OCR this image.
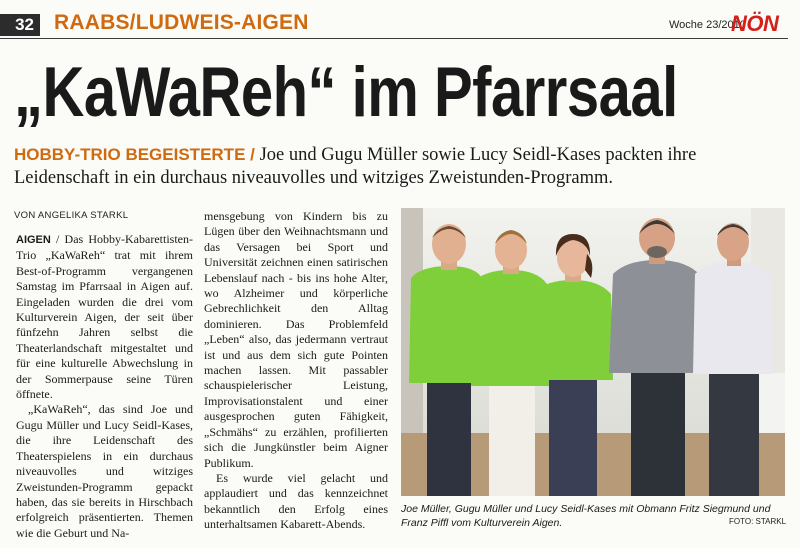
32 RAABS/LUDWEIS-AIGEN	Woche 23/2010
NÖN
„KaWaReh“ im Pfarrsaal
HOBBY-TRIO BEGEISTERTE / Joe und Gugu Müller sowie Lucy Seidl-Kases packten ihre Leidenschaft in ein durchaus niveauvolles und witziges Zweistunden-Programm.
VON ANGELIKA STARKL

AIGEN / Das Hobby-Kabarettisten-Trio „KaWaReh“ trat mit ihrem Best-of-Programm vergangenen Samstag im Pfarrsaal in Aigen auf. Eingeladen wurden die drei vom Kulturverein Aigen, der seit über fünfzehn Jahren selbst die Theaterlandschaft mitgestaltet und für eine kulturelle Abwechslung in der Sommerpause seine Türen öffnete.

„KaWaReh“, das sind Joe und Gugu Müller und Lucy Seidl-Kases, die ihre Leidenschaft des Theaterspielens in ein durchaus niveauvolles und witziges Zweistunden-Programm gepackt haben, das sie bereits in Hirschbach erfolgreich präsentierten. Themen wie die Geburt und Na-

mensgebung von Kindern bis zu Lügen über den Weihnachtsmann und das Versagen bei Sport und Universität zeichnen einen satirischen Lebenslauf nach - bis ins hohe Alter, wo Alzheimer und körperliche Gebrechlichkeit den Alltag dominieren. Das Problemfeld „Leben“ also, das jedermann vertraut ist und aus dem sich gute Pointen machen lassen. Mit passabler schauspielerischer Leistung, Improvisationstalent und einer ausgesprochen guten Fähigkeit, „Schmähs“ zu erzählen, profilierten sich die Jungkünstler beim Aigner Publikum.

Es wurde viel gelacht und applaudiert und das kennzeichnet bekanntlich den Erfolg eines unterhaltsamen Kabarett-Abends.

Joe Müller, Gugu Müller und Lucy Seidl-Kases mit Obmann Fritz Siegmund und Franz Piffl vom Kulturverein Aigen.	FOTO: STARKL
